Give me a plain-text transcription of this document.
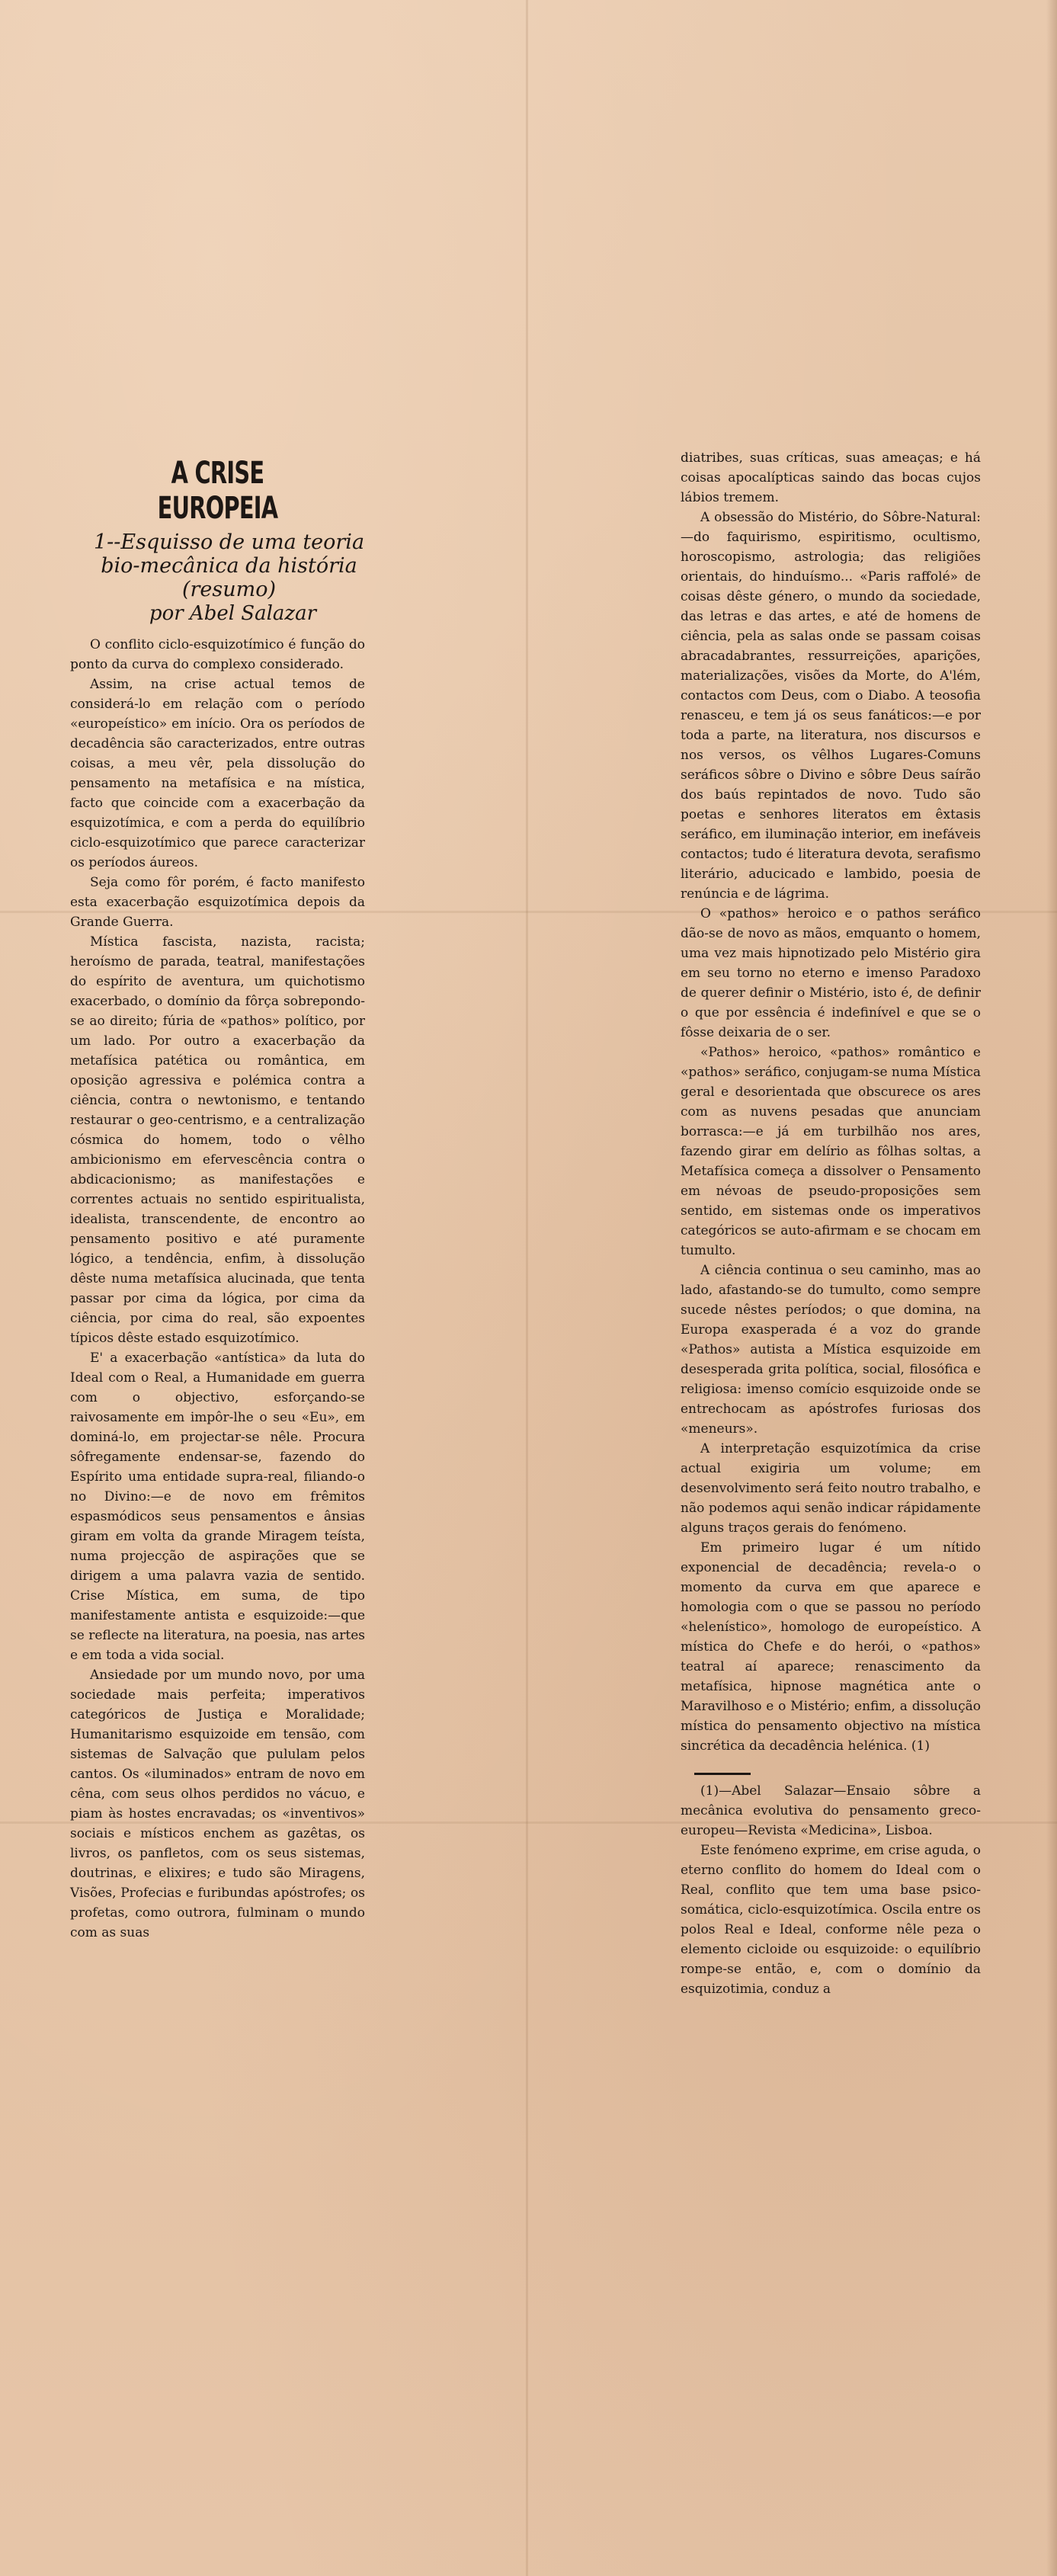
A CRISE EUROPEIA
1--Esquisso de uma teoria
bio-mecânica da história
(resumo)
por Abel Salazar

O conflito ciclo-esquizotímico é função do ponto da curva do complexo considerado.

Assim, na crise actual temos de considerá-lo em relação com o período «europeístico» em início. Ora os períodos de decadência são caracterizados, entre outras coisas, a meu vêr, pela dissolução do pensamento na metafísica e na mística, facto que coincide com a exacerbação da esquizotímica, e com a perda do equilíbrio ciclo-esquizotímico que parece caracterizar os períodos áureos.

Seja como fôr porém, é facto manifesto esta exacerbação esquizotímica depois da Grande Guerra.

Mística fascista, nazista, racista; heroísmo de parada, teatral, manifestações do espírito de aventura, um quichotismo exacerbado, o domínio da fôrça sobrepondo-se ao direito; fúria de «pathos» político, por um lado. Por outro a exacerbação da metafísica patética ou romântica, em oposição agressiva e polémica contra a ciência, contra o newtonismo, e tentando restaurar o geo-centrismo, e a centralização cósmica do homem, todo o vêlho ambicionismo em efervescência contra o abdicacionismo; as manifestações e correntes actuais no sentido espiritualista, idealista, transcendente, de encontro ao pensamento positivo e até puramente lógico, a tendência, enfim, à dissolução dêste numa metafísica alucinada, que tenta passar por cima da lógica, por cima da ciência, por cima do real, são expoentes típicos dêste estado esquizotímico.

E' a exacerbação «antística» da luta do Ideal com o Real, a Humanidade em guerra com o objectivo, esforçando-se raivosamente em impôr-lhe o seu «Eu», em dominá-lo, em projectar-se nêle. Procura sôfregamente endensar-se, fazendo do Espírito uma entidade supra-real, filiando-o no Divino:—e de novo em frêmitos espasmódicos seus pensamentos e ânsias giram em volta da grande Miragem teísta, numa projecção de aspirações que se dirigem a uma palavra vazia de sentido. Crise Mística, em suma, de tipo manifestamente antista e esquizoide:—que se reflecte na literatura, na poesia, nas artes e em toda a vida social.

Ansiedade por um mundo novo, por uma sociedade mais perfeita; imperativos categóricos de Justiça e Moralidade; Humanitarismo esquizoide em tensão, com sistemas de Salvação que pululam pelos cantos. Os «iluminados» entram de novo em cêna, com seus olhos perdidos no vácuo, e piam às hostes encravadas; os «inventivos» sociais e místicos enchem as gazêtas, os livros, os panfletos, com os seus sistemas, doutrinas, e elixires; e tudo são Miragens, Visões, Profecias e furibundas apóstrofes; os profetas, como outrora, fulminam o mundo com as suas

diatribes, suas críticas, suas ameaças; e há coisas apocalípticas saindo das bocas cujos lábios tremem.

A obsessão do Mistério, do Sôbre-Natural:—do faquirismo, espiritismo, ocultismo, horoscopismo, astrologia; das religiões orientais, do hinduísmo... «Paris raffolé» de coisas dêste género, o mundo da sociedade, das letras e das artes, e até de homens de ciência, pela as salas onde se passam coisas abracadabrantes, ressurreições, aparições, materializações, visões da Morte, do A'lém, contactos com Deus, com o Diabo. A teosofia renasceu, e tem já os seus fanáticos:—e por toda a parte, na literatura, nos discursos e nos versos, os vêlhos Lugares-Comuns seráficos sôbre o Divino e sôbre Deus saírão dos baús repintados de novo. Tudo são poetas e senhores literatos em êxtasis seráfico, em iluminação interior, em inefáveis contactos; tudo é literatura devota, serafismo literário, aducicado e lambido, poesia de renúncia e de lágrima.

O «pathos» heroico e o pathos seráfico dão-se de novo as mãos, emquanto o homem, uma vez mais hipnotizado pelo Mistério gira em seu torno no eterno e imenso Paradoxo de querer definir o Mistério, isto é, de definir o que por essência é indefinível e que se o fôsse deixaria de o ser.

«Pathos» heroico, «pathos» romântico e «pathos» seráfico, conjugam-se numa Mística geral e desorientada que obscurece os ares com as nuvens pesadas que anunciam borrasca:—e já em turbilhão nos ares, fazendo girar em delírio as fôlhas soltas, a Metafísica começa a dissolver o Pensamento em névoas de pseudo-proposições sem sentido, em sistemas onde os imperativos categóricos se auto-afirmam e se chocam em tumulto.

A ciência continua o seu caminho, mas ao lado, afastando-se do tumulto, como sempre sucede nêstes períodos; o que domina, na Europa exasperada é a voz do grande «Pathos» autista a Mística esquizoide em desesperada grita política, social, filosófica e religiosa: imenso comício esquizoide onde se entrechocam as apóstrofes furiosas dos «meneurs».

A interpretação esquizotímica da crise actual exigiria um volume; em desenvolvimento será feito noutro trabalho, e não podemos aqui senão indicar rápidamente alguns traços gerais do fenómeno.

Em primeiro lugar é um nítido exponencial de decadência; revela-o o momento da curva em que aparece e homologia com o que se passou no período «helenístico», homologo de europeístico. A mística do Chefe e do herói, o «pathos» teatral aí aparece; renascimento da metafísica, hipnose magnética ante o Maravilhoso e o Mistério; enfim, a dissolução mística do pensamento objectivo na mística sincrética da decadência helénica. (1)

(1)—Abel Salazar—Ensaio sôbre a mecânica evolutiva do pensamento greco-europeu—Revista «Medicina», Lisboa.

Este fenómeno exprime, em crise aguda, o eterno conflito do homem do Ideal com o Real, conflito que tem uma base psico-somática, ciclo-esquizotímica. Oscila entre os polos Real e Ideal, conforme nêle peza o elemento cicloide ou esquizoide: o equilíbrio rompe-se então, e, com o domínio da esquizotimia, conduz a
